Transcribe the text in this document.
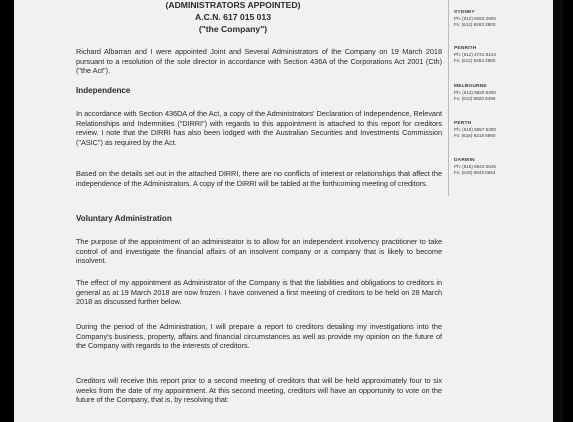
(ADMINISTRATORS APPOINTED)
A.C.N. 617 015 013
("the Company")

Richard Albarran and I were appointed Joint and Several Administrators of the Company on 19 March 2018 pursuant to a resolution of the sole director in accordance with Section 436A of the Corporations Act 2001 (Cth) ("the Act").

Independence

In accordance with Section 436DA of the Act, a copy of the Administrators' Declaration of Independence, Relevant Relationships and Indemnities ("DIRRI") with regards to this appointment is attached to this report for creditors review. I note that the DIRRI has also been lodged with the Australian Securities and Investments Commission ("ASIC") as required by the Act.

Based on the details set out in the attached DIRRI, there are no conflicts of interest or relationships that affect the independence of the Administrators. A copy of the DIRRI will be tabled at the forthcoming meeting of creditors.

Voluntary Administration

The purpose of the appointment of an administrator is to allow for an independent insolvency practitioner to take control of and investigate the financial affairs of an insolvent company or a company that is likely to become insolvent.

The effect of my appointment as Administrator of the Company is that the liabilities and obligations to creditors in general as at 19 March 2018 are now frozen. I have convened a first meeting of creditors to be held on 28 March 2018 as discussed further below.

During the period of the Administration, I will prepare a report to creditors detailing my investigations into the Company's business, property, affairs and financial circumstances as well as provide my opinion on the future of the Company with regards to the interests of creditors.

Creditors will receive this report prior to a second meeting of creditors that will be held approximately four to six weeks from the date of my appointment. At this second meeting, creditors will have an opportunity to vote on the future of the Company, that is, by resolving that:

SYDNEY
Ph: (612) 9263 2600
Fx: (612) 9263 2800
PENRITH
Ph: (612) 4721 8144
Fx: (612) 9263 2800
MELBOURNE
Ph: (613) 9820 6400
Fx: (613) 9820 6499
PERTH
Ph: (618) 6557 6200
Fx: (618) 9218 8950
DARWIN
Ph: (618) 8943 0645
Fx: (618) 8943 0654
